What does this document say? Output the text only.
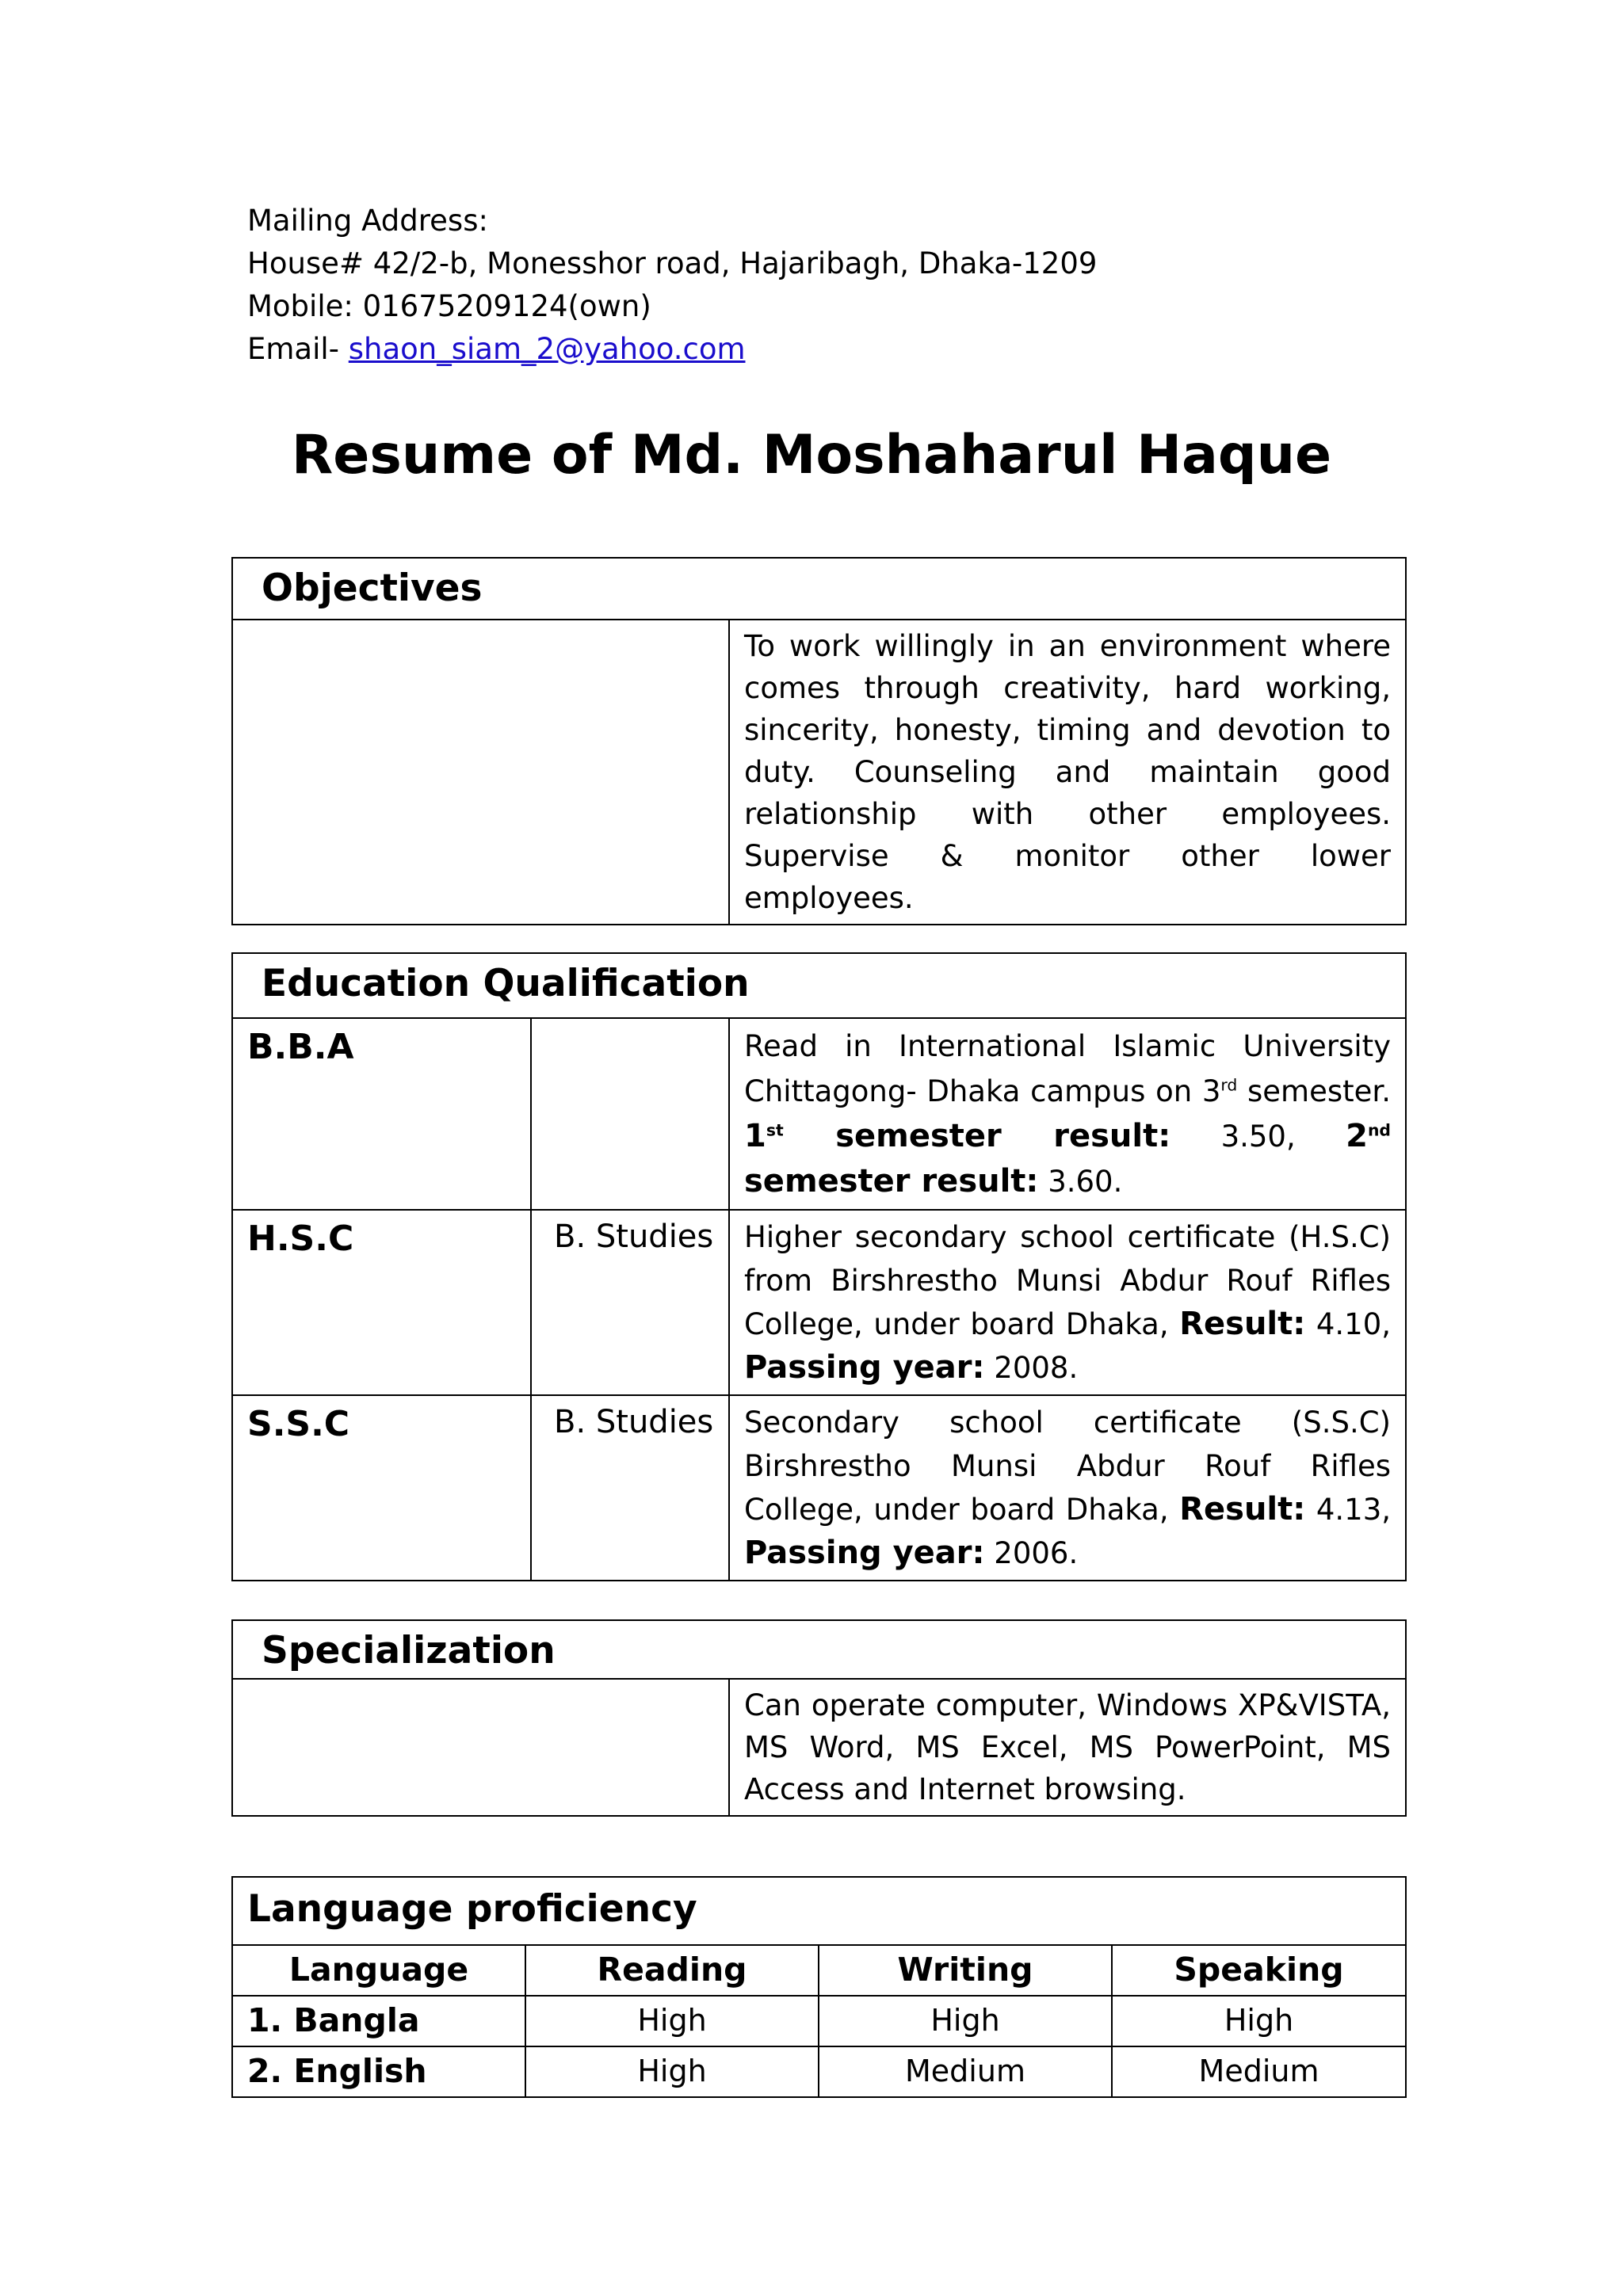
Mailing Address:
House# 42/2-b, Monesshor road, Hajaribagh, Dhaka-1209
Mobile: 01675209124(own)
Email- shaon_siam_2@yahoo.com
Resume of Md. Moshaharul Haque
Objectives
	To work willingly in an environment where comes through creativity, hard working, sincerity, honesty, timing and devotion to duty. Counseling and maintain good relationship with other employees. Supervise & monitor other lower employees.
Education Qualification		
B.B.A		Read in International Islamic University Chittagong- Dhaka campus on 3rd semester. 1st semester result: 3.50, 2nd semester result: 3.60.
H.S.C	B. Studies	Higher secondary school certificate (H.S.C) from Birshrestho Munsi Abdur Rouf Rifles College, under board Dhaka, Result: 4.10, Passing year: 2008.
S.S.C	B. Studies	Secondary school certificate (S.S.C) Birshrestho Munsi Abdur Rouf Rifles College, under board Dhaka, Result: 4.13, Passing year: 2006.
Specialization
	Can operate computer, Windows XP&VISTA, MS Word, MS Excel, MS PowerPoint, MS Access and Internet browsing.
Language proficiency			
Language	Reading	Writing	Speaking
1. Bangla	High	High	High
2. English	High	Medium	Medium
